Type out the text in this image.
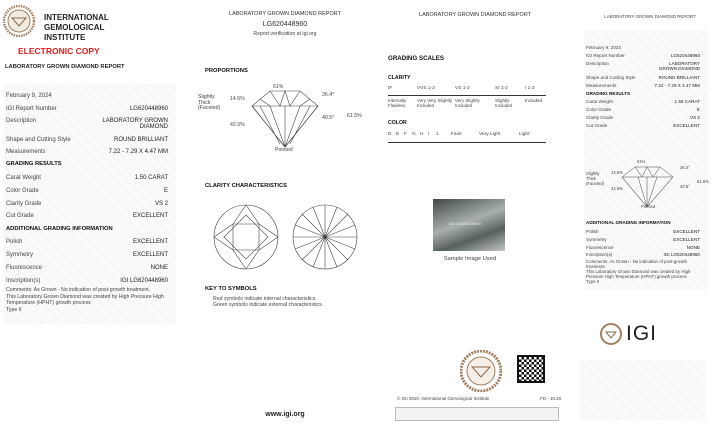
INTERNATIONAL
GEMOLOGICAL
INSTITUTE
ELECTRONIC COPY
LABORATORY GROWN DIAMOND REPORT
February 9, 2024
IGI Report Number	LG620448960
Description	LABORATORY GROWN DIAMOND
Shape and Cutting Style	ROUND BRILLIANT
Measurements	7.22 - 7.29 X 4.47 MM
GRADING RESULTS
Carat Weight	1.50 CARAT
Color Grade	E
Clarity Grade	VS 2
Cut Grade	EXCELLENT
ADDITIONAL GRADING INFORMATION
Polish	EXCELLENT
Symmetry	EXCELLENT
Fluorescence	NONE
Inscription(s)	IGI LG620448960
Comments: As Grown - No indication of post-growth treatment.
This Laboratory Grown Diamond was created by High Pressure High Temperature (HPHT) growth process
Type II
LABORATORY GROWN DIAMOND REPORT
LG620448960
Report verification at igi.org
PROPORTIONS
61%
36.4°
40.5° 61.5%
Slightly Thick (Faceted)
14.5%
42.5%
Pointed
CLARITY CHARACTERISTICS
KEY TO SYMBOLS
Red symbols indicate internal characteristics.
Green symbols indicate external characteristics.
www.igi.org
LABORATORY GROWN DIAMOND REPORT
GRADING SCALES
CLARITY
IF	VVS 1-2	VS 1-2	SI 1-2	I 1-3
Internally Flawless
Very Very Slightly Included
Very Slightly Included
Slightly Included
Included
COLOR
D E F	G H I	J	Faint	Very Light	Light
IGI LG620448960
Sample Image Used
© IGI 2020, International Gemological Institute	FD - 10.20
LABORATORY GROWN DIAMOND REPORT
February 9, 2024
IGI Report Number	LG620448960
Description	LABORATORY GROWN DIAMOND
Shape and Cutting Style	ROUND BRILLIANT
Measurements	7.22 - 7.29 X 4.47 MM
GRADING RESULTS
Carat Weight	1.50 CARAT
Color Grade	E
Clarity Grade	VS 2
Cut Grade	EXCELLENT
61%
36.4°
40.5°
61.5%
Slightly Thick (Faceted)
14.5%
42.5%
Pointed
ADDITIONAL GRADING INFORMATION
Polish	EXCELLENT
Symmetry	EXCELLENT
Fluorescence	NONE
Inscription(s)	IGI LG620448960
Comments: As Grown - No indication of post-growth treatment.
This Laboratory Grown Diamond was created by High Pressure High Temperature (HPHT) growth process
Type II
IGI
